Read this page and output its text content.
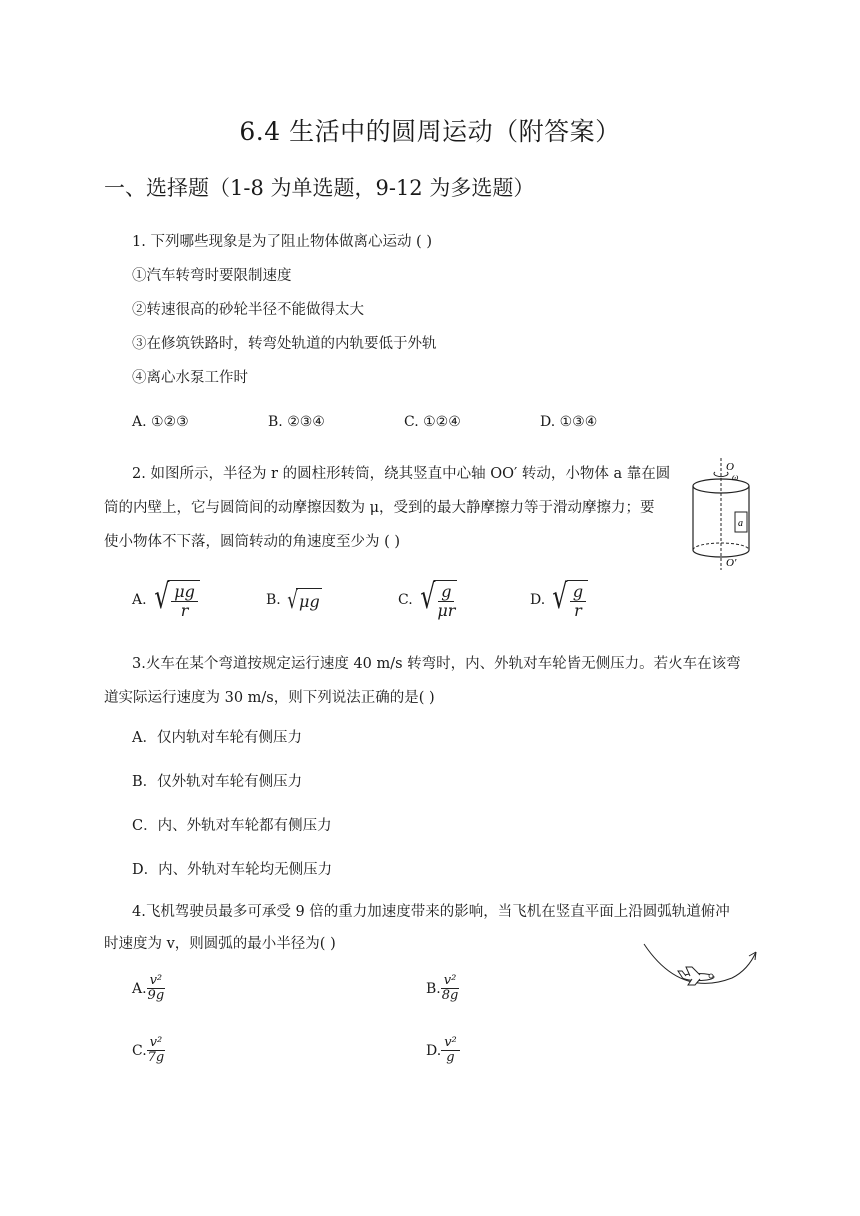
6.4 生活中的圆周运动（附答案）
一、选择题（1-8 为单选题，9-12 为多选题）
1. 下列哪些现象是为了阻止物体做离心运动 ( )
①汽车转弯时要限制速度
②转速很高的砂轮半径不能做得太大
③在修筑铁路时，转弯处轨道的内轨要低于外轨
④离心水泵工作时
A. ①②③	B. ②③④	C. ①②④	D. ①③④
2. 如图所示，半径为 r 的圆柱形转筒，绕其竖直中心轴 OO′ 转动，小物体 a 靠在圆
筒的内壁上，它与圆筒间的动摩擦因数为 μ，受到的最大静摩擦力等于滑动摩擦力；要
使小物体不下落，圆筒转动的角速度至少为 ( )
O
ω
a
O′
A. √ $\frac{\mu g}{r}$	B. √ μg	C. √ $\frac{g}{\mu r}$	D. √ $\frac{g}{r}$
3.火车在某个弯道按规定运行速度 40 m/s 转弯时，内、外轨对车轮皆无侧压力。若火车在该弯
道实际运行速度为 30 m/s，则下列说法正确的是( )
A．仅内轨对车轮有侧压力
B．仅外轨对车轮有侧压力
C．内、外轨对车轮都有侧压力
D．内、外轨对车轮均无侧压力
4.飞机驾驶员最多可承受 9 倍的重力加速度带来的影响，当飞机在竖直平面上沿圆弧轨道俯冲
时速度为 v，则圆弧的最小半径为( )
A. $\frac{\text{v²}}{9g}$	B. $\frac{\text{v²}}{8g}$
C. $\frac{\text{v²}}{7g}$	D. $\frac{\text{v²}}{g}$
